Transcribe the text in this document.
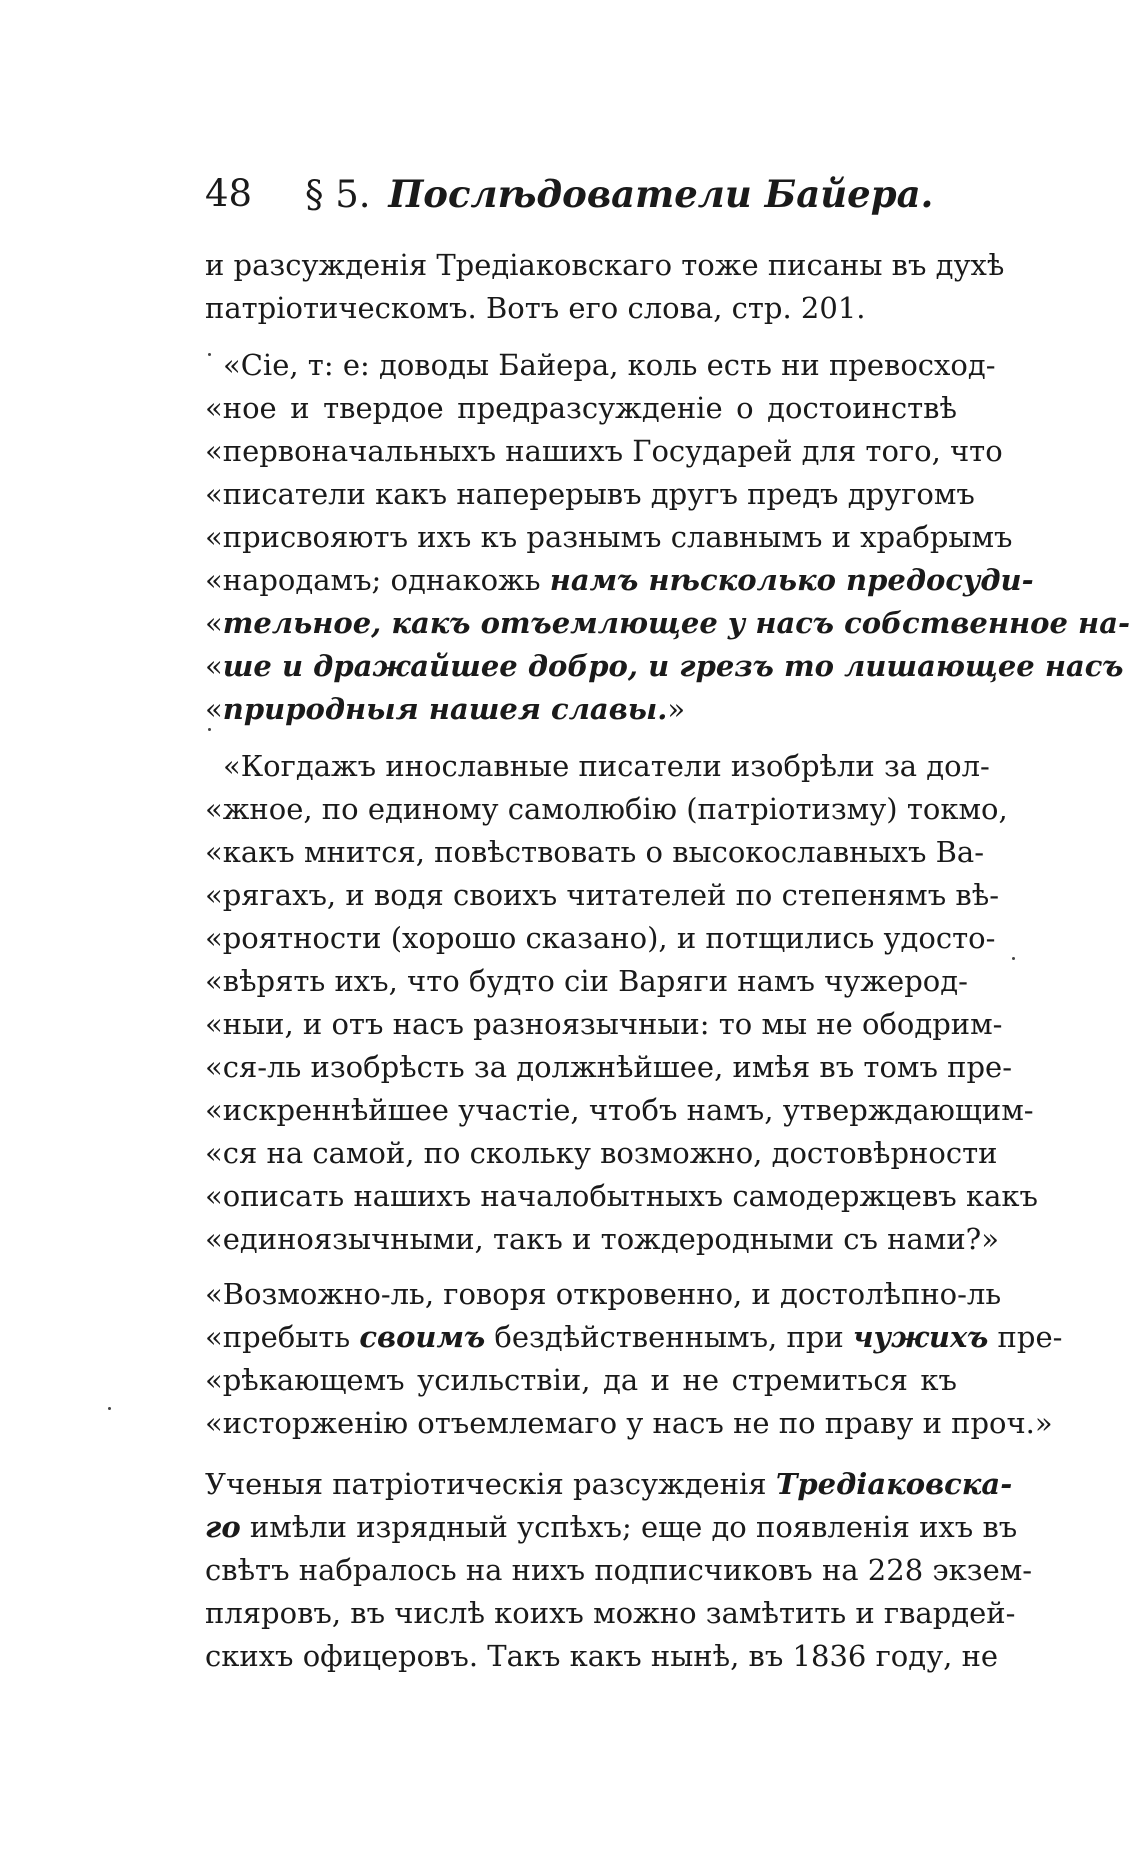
48 § 5. Послѣдователи Байера.
и разсужденія Тредіаковскаго тоже писаны въ духѣ
патріотическомъ. Вотъ его слова, стр. 201.
«Сіе, т: е: доводы Байера, коль есть ни превосход-
«ное и твердое предразсужденіе о достоинствѣ
«первоначальныхъ нашихъ Государей для того, что
«писатели какъ наперерывъ другъ предъ другомъ
«присвояютъ ихъ къ разнымъ славнымъ и храбрымъ
«народамъ; однакожь намъ нѣсколько предосуди-
«тельное, какъ отъемлющее у насъ собственное на-
«ше и дражайшее добро, и грезъ то лишающее насъ
«природныя нашея славы.»
«Когдажъ инославные писатели изобрѣли за дол-
«жное, по единому самолюбію (патріотизму) токмо,
«какъ мнится, повѣствовать о высокославныхъ Ва-
«рягахъ, и водя своихъ читателей по степенямъ вѣ-
«роятности (хорошо сказано), и потщились удосто-
«вѣрять ихъ, что будто сіи Варяги намъ чужерод-
«ныи, и отъ насъ разноязычныи: то мы не ободрим-
«ся-ль изобрѣсть за должнѣйшее, имѣя въ томъ пре-
«искреннѣйшее участіе, чтобъ намъ, утверждающим-
«ся на самой, по скольку возможно, достовѣрности
«описать нашихъ началобытныхъ самодержцевъ какъ
«единоязычными, такъ и тождеродными съ нами?»
«Возможно-ль, говоря откровенно, и достолѣпно-ль
«пребыть своимъ бездѣйственнымъ, при чужихъ пре-
«рѣкающемъ усильствіи, да и не стремиться къ
«исторженію отъемлемаго у насъ не по праву и проч.»
Ученыя патріотическія разсужденія Тредіаковска-
го имѣли изрядный успѣхъ; еще до появленія ихъ въ
свѣтъ набралось на нихъ подписчиковъ на 228 экзем-
пляровъ, въ числѣ коихъ можно замѣтить и гвардей-
скихъ офицеровъ. Такъ какъ нынѣ, въ 1836 году, не
